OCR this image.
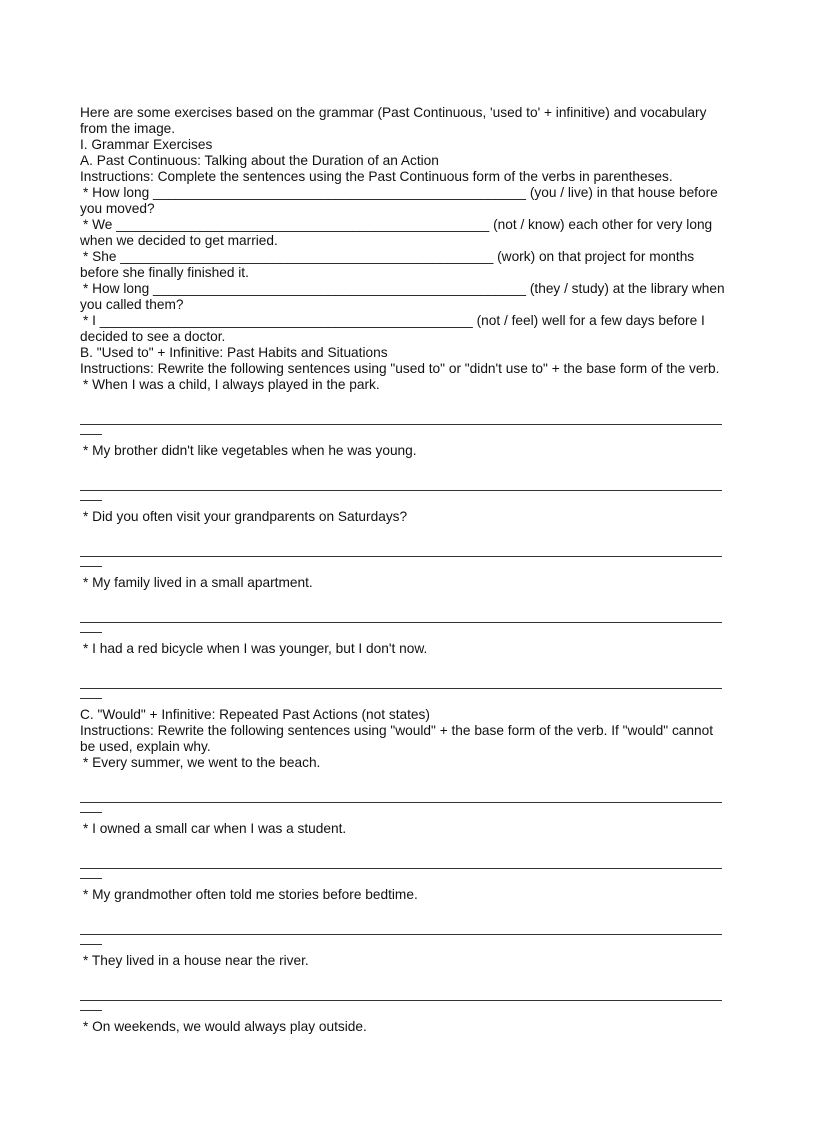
Here are some exercises based on the grammar (Past Continuous, 'used to' + infinitive) and vocabulary from the image.
I. Grammar Exercises
A. Past Continuous: Talking about the Duration of an Action
Instructions: Complete the sentences using the Past Continuous form of the verbs in parentheses.
* How long _________________________________________________ (you / live) in that house before
you moved?
* We _________________________________________________ (not / know) each other for very long
when we decided to get married.
* She _________________________________________________ (work) on that project for months
before she finally finished it.
* How long _________________________________________________ (they / study) at the library when
you called them?
* I _________________________________________________ (not / feel) well for a few days before I
decided to see a doctor.
B. "Used to" + Infinitive: Past Habits and Situations
Instructions: Rewrite the following sentences using "used to" or "didn't use to" + the base form of the verb.
* When I was a child, I always played in the park.
* My brother didn't like vegetables when he was young.
* Did you often visit your grandparents on Saturdays?
* My family lived in a small apartment.
* I had a red bicycle when I was younger, but I don't now.
C. "Would" + Infinitive: Repeated Past Actions (not states)
Instructions: Rewrite the following sentences using "would" + the base form of the verb. If "would" cannot be used, explain why.
* Every summer, we went to the beach.
* I owned a small car when I was a student.
* My grandmother often told me stories before bedtime.
* They lived in a house near the river.
* On weekends, we would always play outside.
